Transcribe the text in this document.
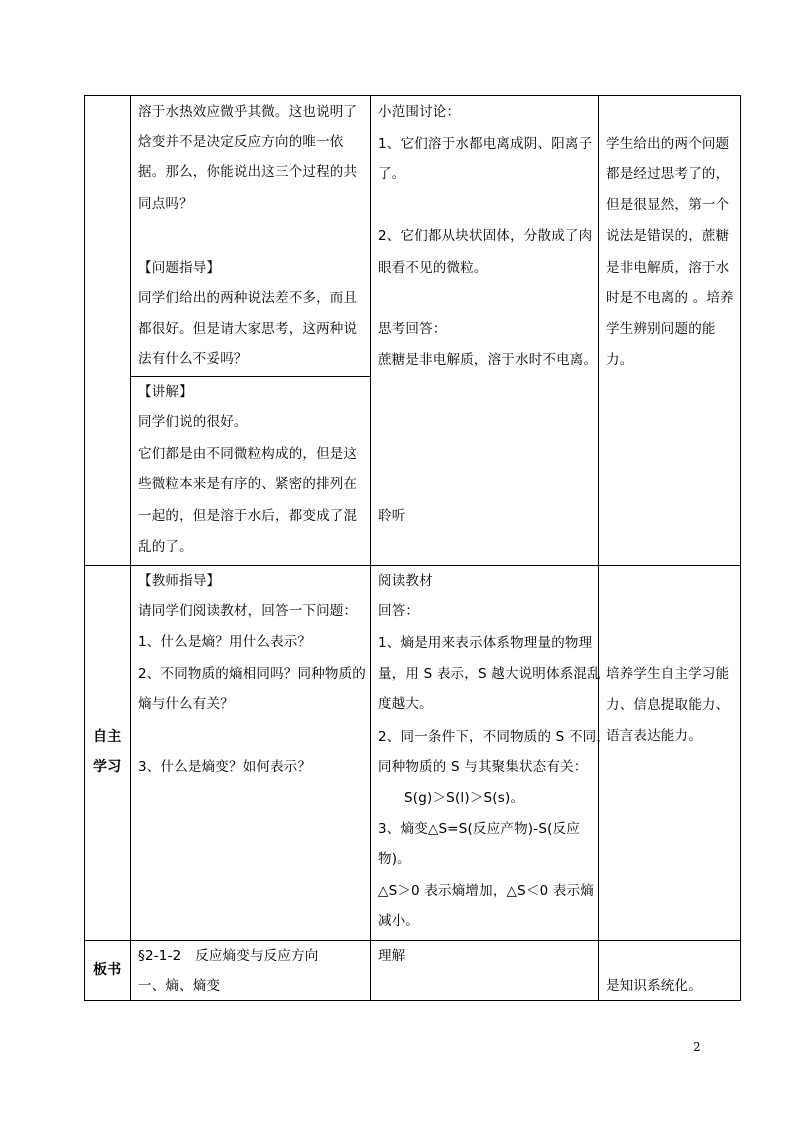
溶于水热效应微乎其微。这也说明了
焓变并不是决定反应方向的唯一依
据。那么，你能说出这三个过程的共
同点吗？
【问题指导】
同学们给出的两种说法差不多，而且
都很好。但是请大家思考，这两种说
法有什么不妥吗？
【讲解】
同学们说的很好。
它们都是由不同微粒构成的，但是这
些微粒本来是有序的、紧密的排列在
一起的，但是溶于水后，都变成了混
乱的了。
小范围讨论：
1、它们溶于水都电离成阴、阳离子
了。
2、它们都从块状固体，分散成了肉
眼看不见的微粒。
思考回答：
蔗糖是非电解质，溶于水时不电离。
聆听
学生给出的两个问题
都是经过思考了的，
但是很显然，第一个
说法是错误的，蔗糖
是非电解质，溶于水
时是不电离的 。培养
学生辨别问题的能
力。
自主
学习
【教师指导】
请同学们阅读教材，回答一下问题：
1、什么是熵？用什么表示？
2、不同物质的熵相同吗？同种物质的
熵与什么有关？
3、什么是熵变？如何表示？
阅读教材
回答：
1、熵是用来表示体系物理量的物理
量，用 S 表示，S 越大说明体系混乱
度越大。
2、同一条件下，不同物质的 S 不同，
同种物质的 S 与其聚集状态有关：
S(g)＞S(l)＞S(s)。
3、熵变△S=S(反应产物)-S(反应
物)。
△S＞0 表示熵增加，△S＜0 表示熵
减小。
培养学生自主学习能
力、信息提取能力、
语言表达能力。
板书
§2-1-2　反应熵变与反应方向
一、熵、熵变
理解
是知识系统化。
2
